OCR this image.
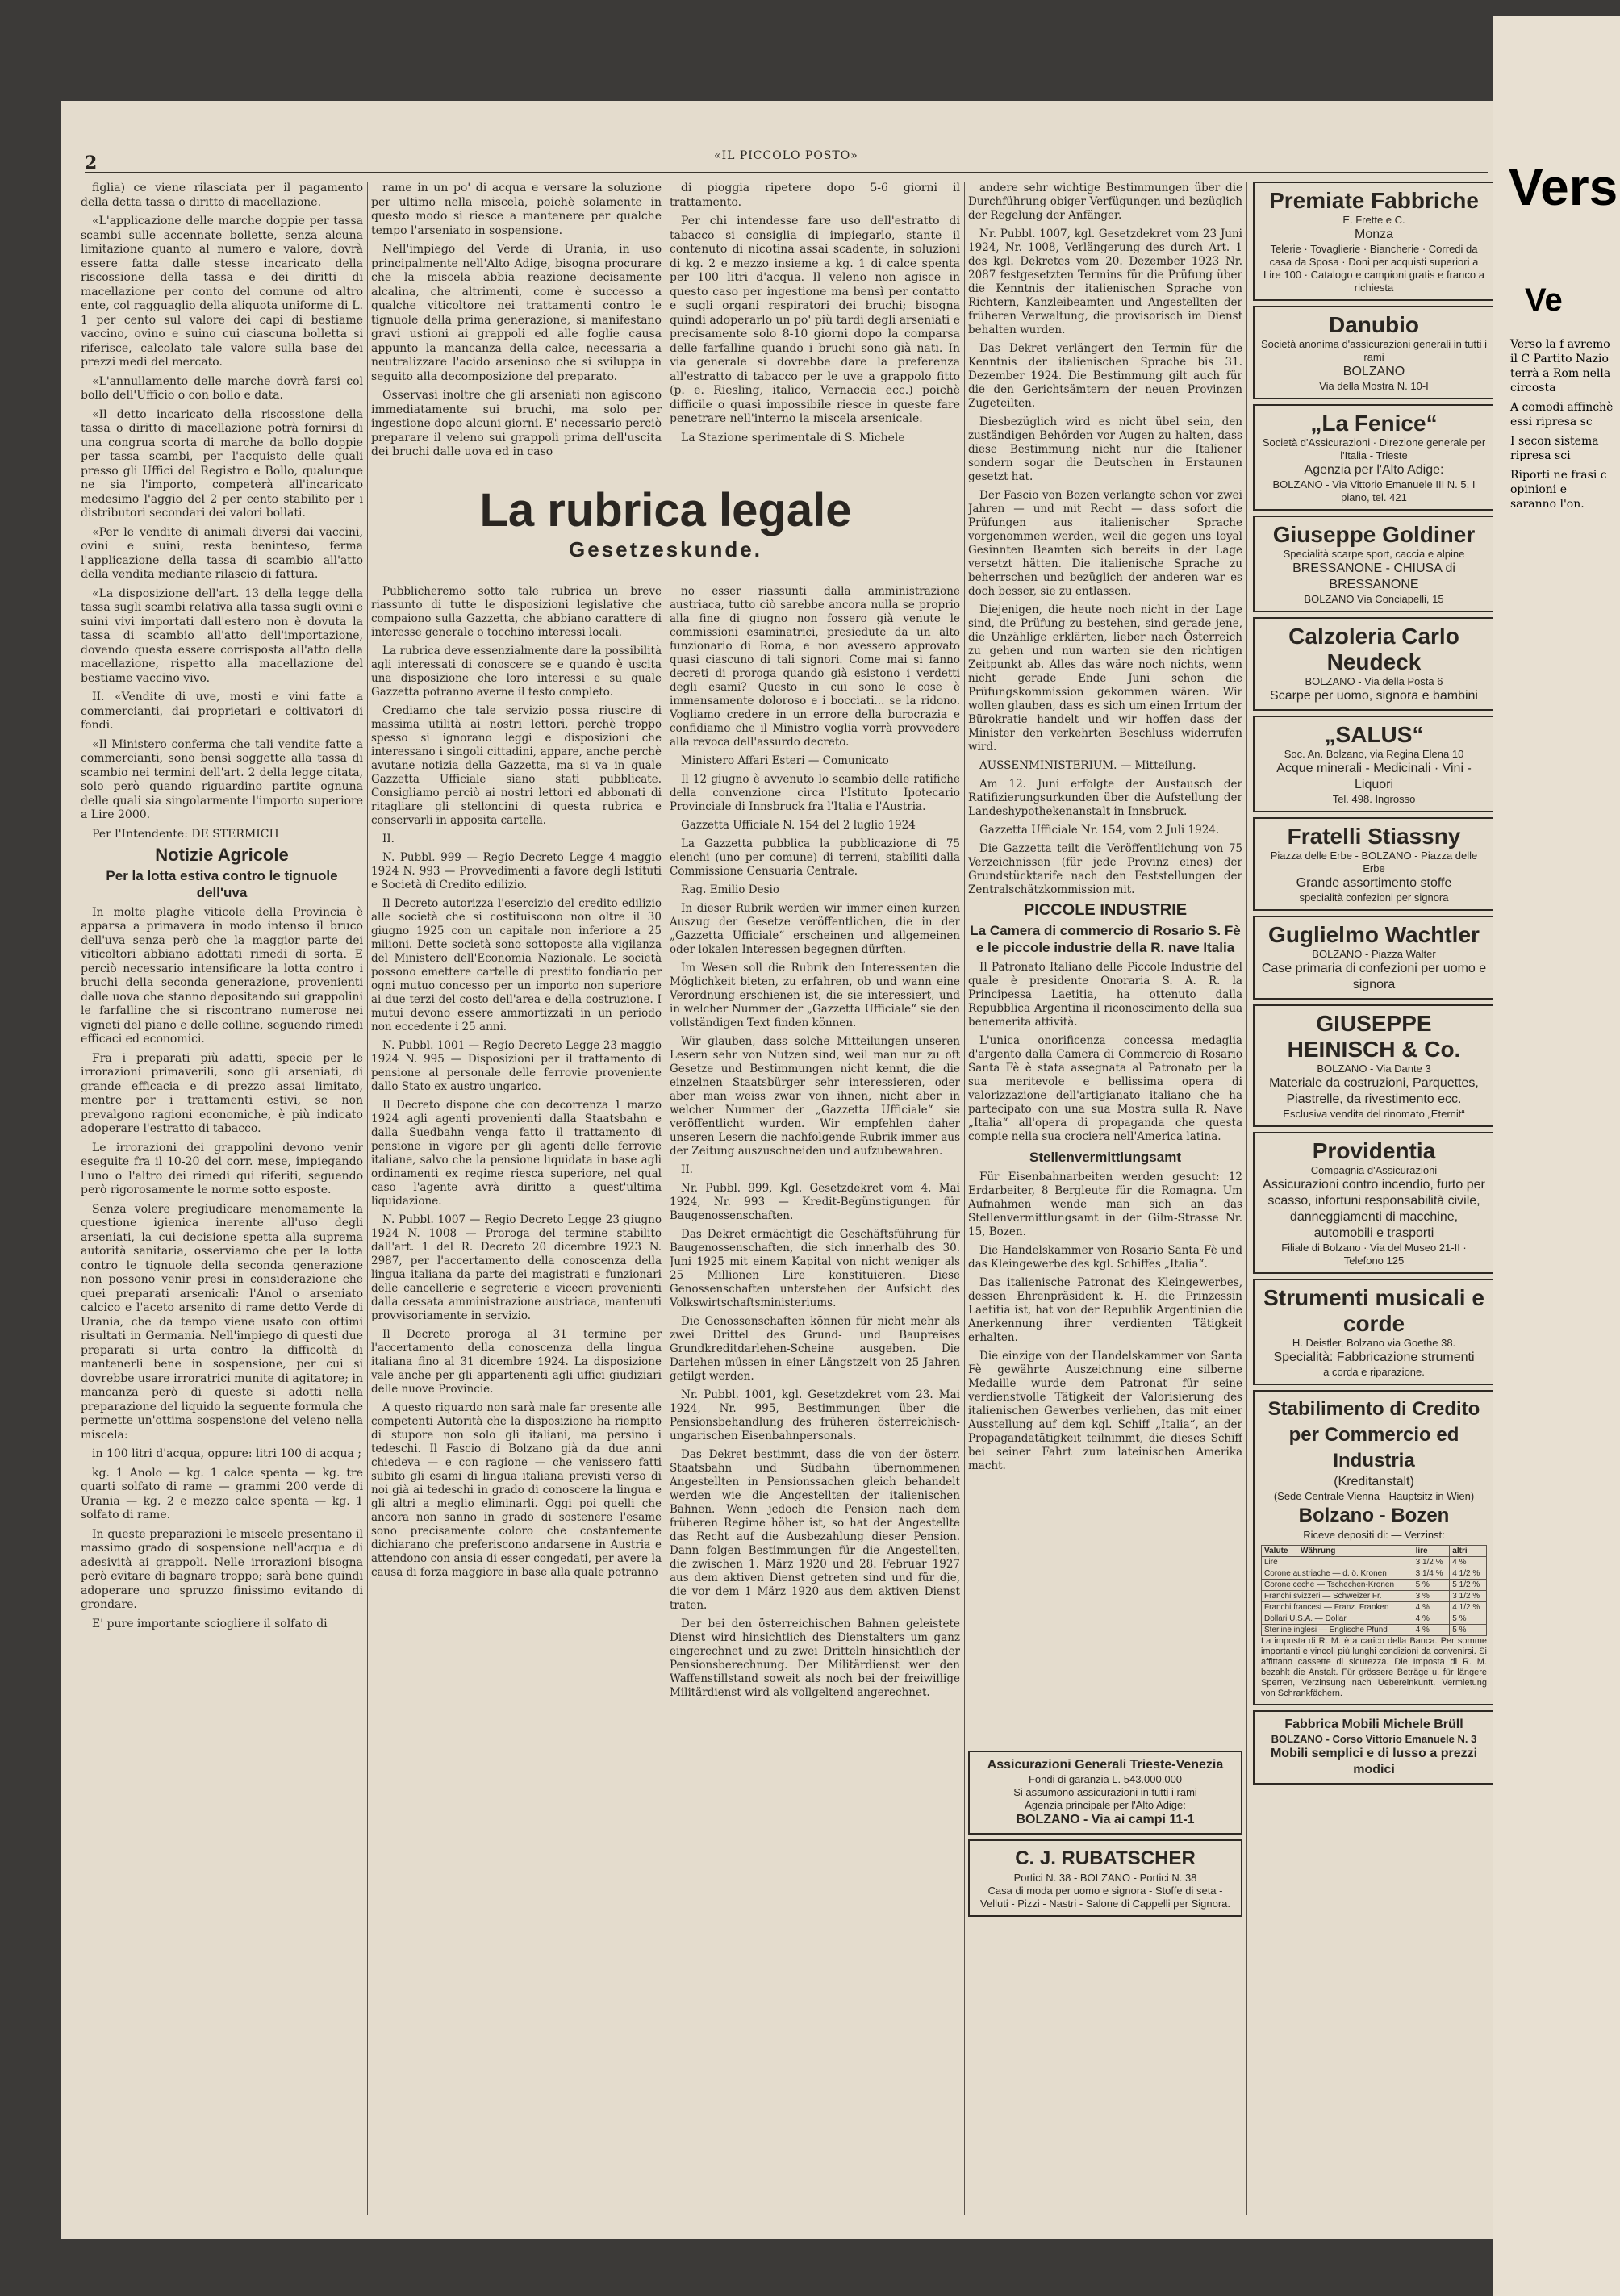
2	«IL PICCOLO POSTO»

figlia) ce viene rilasciata per il pagamento della detta tassa o diritto di macellazione.

«L'applicazione delle marche doppie per tassa scambi sulle accennate bollette, senza alcuna limitazione quanto al numero e valore, dovrà essere fatta dalle stesse incaricato della riscossione della tassa e dei diritti di macellazione per conto del comune od altro ente, col ragguaglio della aliquota uniforme di L. 1 per cento sul valore dei capi di bestiame vaccino, ovino e suino cui ciascuna bolletta si riferisce, calcolato tale valore sulla base dei prezzi medi del mercato.

«L'annullamento delle marche dovrà farsi col bollo dell'Ufficio o con bollo e data.

«Il detto incaricato della riscossione della tassa o diritto di macellazione potrà fornirsi di una congrua scorta di marche da bollo doppie per tassa scambi, per l'acquisto delle quali presso gli Uffici del Registro e Bollo, qualunque ne sia l'importo, competerà all'incaricato medesimo l'aggio del 2 per cento stabilito per i distributori secondari dei valori bollati.

«Per le vendite di animali diversi dai vaccini, ovini e suini, resta beninteso, ferma l'applicazione della tassa di scambio all'atto della vendita mediante rilascio di fattura.

«La disposizione dell'art. 13 della legge della tassa sugli scambi relativa alla tassa sugli ovini e suini vivi importati dall'estero non è dovuta la tassa di scambio all'atto dell'importazione, dovendo questa essere corrisposta all'atto della macellazione, rispetto alla macellazione del bestiame vaccino vivo.

II. «Vendite di uve, mosti e vini fatte a commercianti, dai proprietari e coltivatori di fondi.

«Il Ministero conferma che tali vendite fatte a commercianti, sono bensì soggette alla tassa di scambio nei termini dell'art. 2 della legge citata, solo però quando riguardino partite ognuna delle quali sia singolarmente l'importo superiore a Lire 2000.

Per l'Intendente: DE STERMICH

Notizie Agricole
Per la lotta estiva contro le tignuole dell'uva

In molte plaghe viticole della Provincia è apparsa a primavera in modo intenso il bruco dell'uva senza però che la maggior parte dei viticoltori abbiano adottati rimedi di sorta. E perciò necessario intensificare la lotta contro i bruchi della seconda generazione, provenienti dalle uova che stanno depositando sui grappolini le farfalline che si riscontrano numerose nei vigneti del piano e delle colline, seguendo rimedi efficaci ed economici.

Fra i preparati più adatti, specie per le irrorazioni primaverili, sono gli arseniati, di grande efficacia e di prezzo assai limitato, mentre per i trattamenti estivi, se non prevalgono ragioni economiche, è più indicato adoperare l'estratto di tabacco.

Le irrorazioni dei grappolini devono venir eseguite fra il 10-20 del corr. mese, impiegando l'uno o l'altro dei rimedi qui riferiti, seguendo però rigorosamente le norme sotto esposte.

Senza volere pregiudicare menomamente la questione igienica inerente all'uso degli arseniati, la cui decisione spetta alla suprema autorità sanitaria, osserviamo che per la lotta contro le tignuole della seconda generazione non possono venir presi in considerazione che quei preparati arsenicali: l'Anol o arseniato calcico e l'aceto arsenito di rame detto Verde di Urania, che da tempo viene usato con ottimi risultati in Germania. Nell'impiego di questi due preparati si urta contro la difficoltà di mantenerli bene in sospensione, per cui si dovrebbe usare irroratrici munite di agitatore; in mancanza però di queste si adotti nella preparazione del liquido la seguente formula che permette un'ottima sospensione del veleno nella miscela:

in 100 litri d'acqua, oppure: litri 100 di acqua ;

kg. 1 Anolo — kg. 1 calce spenta — kg. tre quarti solfato di rame — grammi 200 verde di Urania — kg. 2 e mezzo calce spenta — kg. 1 solfato di rame.

In queste preparazioni le miscele presentano il massimo grado di sospensione nell'acqua e di adesività ai grappoli. Nelle irrorazioni bisogna però evitare di bagnare troppo; sarà bene quindi adoperare uno spruzzo finissimo evitando di grondare.

E' pure importante sciogliere il solfato di

rame in un po' di acqua e versare la soluzione per ultimo nella miscela, poichè solamente in questo modo si riesce a mantenere per qualche tempo l'arseniato in sospensione.

Nell'impiego del Verde di Urania, in uso principalmente nell'Alto Adige, bisogna procurare che la miscela abbia reazione decisamente alcalina, che altrimenti, come è successo a qualche viticoltore nei trattamenti contro le tignuole della prima generazione, si manifestano gravi ustioni ai grappoli ed alle foglie causa appunto la mancanza della calce, necessaria a neutralizzare l'acido arsenioso che si sviluppa in seguito alla decomposizione del preparato.

Osservasi inoltre che gli arseniati non agiscono immediatamente sui bruchi, ma solo per ingestione dopo alcuni giorni. E' necessario perciò preparare il veleno sui grappoli prima dell'uscita dei bruchi dalle uova ed in caso

di pioggia ripetere dopo 5-6 giorni il trattamento.

Per chi intendesse fare uso dell'estratto di tabacco si consiglia di impiegarlo, stante il contenuto di nicotina assai scadente, in soluzioni di kg. 2 e mezzo insieme a kg. 1 di calce spenta per 100 litri d'acqua. Il veleno non agisce in questo caso per ingestione ma bensì per contatto e sugli organi respiratori dei bruchi; bisogna quindi adoperarlo un po' più tardi degli arseniati e precisamente solo 8-10 giorni dopo la comparsa delle farfalline quando i bruchi sono già nati. In via generale si dovrebbe dare la preferenza all'estratto di tabacco per le uve a grappolo fitto (p. e. Riesling, italico, Vernaccia ecc.) poichè difficile o quasi impossibile riesce in queste fare penetrare nell'interno la miscela arsenicale.

La Stazione sperimentale di S. Michele

La rubrica legale
Gesetzeskunde.

Pubblicheremo sotto tale rubrica un breve riassunto di tutte le disposizioni legislative che compaiono sulla Gazzetta, che abbiano carattere di interesse generale o tocchino interessi locali.

La rubrica deve essenzialmente dare la possibilità agli interessati di conoscere se e quando è uscita una disposizione che loro interessi e su quale Gazzetta potranno averne il testo completo.

Crediamo che tale servizio possa riuscire di massima utilità ai nostri lettori, perchè troppo spesso si ignorano leggi e disposizioni che interessano i singoli cittadini, appare, anche perchè avutane notizia della Gazzetta, ma si va in quale Gazzetta Ufficiale siano stati pubblicate. Consigliamo perciò ai nostri lettori ed abbonati di ritagliare gli stelloncini di questa rubrica e conservarli in apposita cartella.

II.

N. Pubbl. 999 — Regio Decreto Legge 4 maggio 1924 N. 993 — Provvedimenti a favore degli Istituti e Società di Credito edilizio.

Il Decreto autorizza l'esercizio del credito edilizio alle società che si costituiscono non oltre il 30 giugno 1925 con un capitale non inferiore a 25 milioni. Dette società sono sottoposte alla vigilanza del Ministero dell'Economia Nazionale. Le società possono emettere cartelle di prestito fondiario per ogni mutuo concesso per un importo non superiore ai due terzi del costo dell'area e della costruzione. I mutui devono essere ammortizzati in un periodo non eccedente i 25 anni.

N. Pubbl. 1001 — Regio Decreto Legge 23 maggio 1924 N. 995 — Disposizioni per il trattamento di pensione al personale delle ferrovie proveniente dallo Stato ex austro ungarico.

Il Decreto dispone che con decorrenza 1 marzo 1924 agli agenti provenienti dalla Staatsbahn e dalla Suedbahn venga fatto il trattamento di pensione in vigore per gli agenti delle ferrovie italiane, salvo che la pensione liquidata in base agli ordinamenti ex regime riesca superiore, nel qual caso l'agente avrà diritto a quest'ultima liquidazione.

N. Pubbl. 1007 — Regio Decreto Legge 23 giugno 1924 N. 1008 — Proroga del termine stabilito dall'art. 1 del R. Decreto 20 dicembre 1923 N. 2987, per l'accertamento della conoscenza della lingua italiana da parte dei magistrati e funzionari delle cancellerie e segreterie e vicecri provenienti dalla cessata amministrazione austriaca, mantenuti provvisoriamente in servizio.

Il Decreto proroga al 31 termine per l'accertamento della conoscenza della lingua italiana fino al 31 dicembre 1924. La disposizione vale anche per gli appartenenti agli uffici giudiziari delle nuove Provincie.

A questo riguardo non sarà male far presente alle competenti Autorità che la disposizione ha riempito di stupore non solo gli italiani, ma persino i tedeschi. Il Fascio di Bolzano già da due anni chiedeva — e con ragione — che venissero fatti subito gli esami di lingua italiana previsti verso di noi già ai tedeschi in grado di conoscere la lingua e gli altri a meglio eliminarli. Oggi poi quelli che ancora non sanno in grado di sostenere l'esame sono precisamente coloro che costantemente dichiarano che preferiscono andarsene in Austria e attendono con ansia di esser congedati, per avere la causa di forza maggiore in base alla quale potranno

no esser riassunti dalla amministrazione austriaca, tutto ciò sarebbe ancora nulla se proprio alla fine di giugno non fossero già venute le commissioni esaminatrici, presiedute da un alto funzionario di Roma, e non avessero approvato quasi ciascuno di tali signori. Come mai si fanno decreti di proroga quando già esistono i verdetti degli esami? Questo in cui sono le cose è immensamente doloroso e i bocciati... se la ridono. Vogliamo credere in un errore della burocrazia e confidiamo che il Ministro voglia vorrà provvedere alla revoca dell'assurdo decreto.

Ministero Affari Esteri — Comunicato

Il 12 giugno è avvenuto lo scambio delle ratifiche della convenzione circa l'Istituto Ipotecario Provinciale di Innsbruck fra l'Italia e l'Austria.

Gazzetta Ufficiale N. 154 del 2 luglio 1924

La Gazzetta pubblica la pubblicazione di 75 elenchi (uno per comune) di terreni, stabiliti dalla Commissione Censuaria Centrale.

Rag. Emilio Desio

In dieser Rubrik werden wir immer einen kurzen Auszug der Gesetze veröffentlichen, die in der „Gazzetta Ufficiale“ erscheinen und allgemeinen oder lokalen Interessen begegnen dürften.

Im Wesen soll die Rubrik den Interessenten die Möglichkeit bieten, zu erfahren, ob und wann eine Verordnung erschienen ist, die sie interessiert, und in welcher Nummer der „Gazzetta Ufficiale“ sie den vollständigen Text finden können.

Wir glauben, dass solche Mitteilungen unseren Lesern sehr von Nutzen sind, weil man nur zu oft Gesetze und Bestimmungen nicht kennt, die die einzelnen Staatsbürger sehr interessieren, oder aber man weiss zwar von ihnen, nicht aber in welcher Nummer der „Gazzetta Ufficiale“ sie veröffentlicht wurden. Wir empfehlen daher unseren Lesern die nachfolgende Rubrik immer aus der Zeitung auszuschneiden und aufzubewahren.

II.

Nr. Pubbl. 999, Kgl. Gesetzdekret vom 4. Mai 1924, Nr. 993 — Kredit-Begünstigungen für Baugenossenschaften.

Das Dekret ermächtigt die Geschäftsführung für Baugenossenschaften, die sich innerhalb des 30. Juni 1925 mit einem Kapital von nicht weniger als 25 Millionen Lire konstituieren. Diese Genossenschaften unterstehen der Aufsicht des Volkswirtschaftsministeriums.

Die Genossenschaften können für nicht mehr als zwei Drittel des Grund- und Baupreises Grundkreditdarlehen-Scheine ausgeben. Die Darlehen müssen in einer Längstzeit von 25 Jahren getilgt werden.

Nr. Pubbl. 1001, kgl. Gesetzdekret vom 23. Mai 1924, Nr. 995, Bestimmungen über die Pensionsbehandlung des früheren österreichisch-ungarischen Eisenbahnpersonals.

Das Dekret bestimmt, dass die von der österr. Staatsbahn und Südbahn übernommenen Angestellten in Pensionssachen gleich behandelt werden wie die Angestellten der italienischen Bahnen. Wenn jedoch die Pension nach dem früheren Regime höher ist, so hat der Angestellte das Recht auf die Ausbezahlung dieser Pension. Dann folgen Bestimmungen für die Angestellten, die zwischen 1. März 1920 und 28. Februar 1927 aus dem aktiven Dienst getreten sind und für die, die vor dem 1 März 1920 aus dem aktiven Dienst traten.

Der bei den österreichischen Bahnen geleistete Dienst wird hinsichtlich des Dienstalters um ganz eingerechnet und zu zwei Dritteln hinsichtlich der Pensionsberechnung. Der Militärdienst wer den Waffenstillstand soweit als noch bei der freiwillige Militärdienst wird als vollgeltend angerechnet.

andere sehr wichtige Bestimmungen über die Durchführung obiger Verfügungen und bezüglich der Regelung der Anfänger.

Nr. Pubbl. 1007, kgl. Gesetzdekret vom 23 Juni 1924, Nr. 1008, Verlängerung des durch Art. 1 des kgl. Dekretes vom 20. Dezember 1923 Nr. 2087 festgesetzten Termins für die Prüfung über die Kenntnis der italienischen Sprache von Richtern, Kanzleibeamten und Angestellten der früheren Verwaltung, die provisorisch im Dienst behalten wurden.

Das Dekret verlängert den Termin für die Kenntnis der italienischen Sprache bis 31. Dezember 1924. Die Bestimmung gilt auch für die den Gerichtsämtern der neuen Provinzen Zugeteilten.

Diesbezüglich wird es nicht übel sein, den zuständigen Behörden vor Augen zu halten, dass diese Bestimmung nicht nur die Italiener sondern sogar die Deutschen in Erstaunen gesetzt hat.

Der Fascio von Bozen verlangte schon vor zwei Jahren — und mit Recht — dass sofort die Prüfungen aus italienischer Sprache vorgenommen werden, weil die gegen uns loyal Gesinnten Beamten sich bereits in der Lage versetzt hätten. Die italienische Sprache zu beherrschen und bezüglich der anderen war es doch besser, sie zu entlassen.

Diejenigen, die heute noch nicht in der Lage sind, die Prüfung zu bestehen, sind gerade jene, die Unzählige erklärten, lieber nach Österreich zu gehen und nun warten sie den richtigen Zeitpunkt ab. Alles das wäre noch nichts, wenn nicht gerade Ende Juni schon die Prüfungskommission gekommen wären. Wir wollen glauben, dass es sich um einen Irrtum der Bürokratie handelt und wir hoffen dass der Minister den verkehrten Beschluss widerrufen wird.

AUSSENMINISTERIUM. — Mitteilung.

Am 12. Juni erfolgte der Austausch der Ratifizierungsurkunden über die Aufstellung der Landeshypothekenanstalt in Innsbruck.

Gazzetta Ufficiale Nr. 154, vom 2 Juli 1924.

Die Gazzetta teilt die Veröffentlichung von 75 Verzeichnissen (für jede Provinz eines) der Grundstücktarife nach den Feststellungen der Zentralschätzkommission mit.

PICCOLE INDUSTRIE
La Camera di commercio di Rosario S. Fè e le piccole industrie della R. nave Italia

Il Patronato Italiano delle Piccole Industrie del quale è presidente Onoraria S. A. R. la Principessa Laetitia, ha ottenuto dalla Repubblica Argentina il riconoscimento della sua benemerita attività.

L'unica onorificenza concessa medaglia d'argento dalla Camera di Commercio di Rosario Santa Fè è stata assegnata al Patronato per la sua meritevole e bellissima opera di valorizzazione dell'artigianato italiano che ha partecipato con una sua Mostra sulla R. Nave „Italia“ all'opera di propaganda che questa compie nella sua crociera nell'America latina.

Stellenvermittlungsamt

Für Eisenbahnarbeiten werden gesucht: 12 Erdarbeiter, 8 Bergleute für die Romagna. Um Aufnahmen wende man sich an das Stellenvermittlungsamt in der Gilm-Strasse Nr. 15, Bozen.

Die Handelskammer von Rosario Santa Fè und das Kleingewerbe des kgl. Schiffes „Italia“.

Das italienische Patronat des Kleingewerbes, dessen Ehrenpräsident k. H. die Prinzessin Laetitia ist, hat von der Republik Argentinien die Anerkennung ihrer verdienten Tätigkeit erhalten.

Die einzige von der Handelskammer von Santa Fè gewährte Auszeichnung eine silberne Medaille wurde dem Patronat für seine verdienstvolle Tätigkeit der Valorisierung des italienischen Gewerbes verliehen, das mit einer Ausstellung auf dem kgl. Schiff „Italia“, an der Propagandatätigkeit teilnimmt, die dieses Schiff bei seiner Fahrt zum lateinischen Amerika macht.

Assicurazioni Generali Trieste-Venezia
Fondi di garanzia L. 543.000.000
Si assumono assicurazioni in tutti i rami
Agenzia principale per l'Alto Adige:
BOLZANO - Via ai campi 11-1
C. J. RUBATSCHER
Portici N. 38 - BOLZANO - Portici N. 38
Casa di moda per uomo e signora - Stoffe di seta - Velluti - Pizzi - Nastri - Salone di Cappelli per Signora.
Premiate Fabbriche
E. Frette e C.
Monza
Telerie · Tovaglierie · Biancherie · Corredi da casa da Sposa · Doni per acquisti superiori a Lire 100 · Catalogo e campioni gratis e franco a richiesta
Danubio
Società anonima d'assicurazioni generali in tutti i rami
BOLZANO
Via della Mostra N. 10-I
„La Fenice“
Società d'Assicurazioni · Direzione generale per l'Italia - Trieste
Agenzia per l'Alto Adige:
BOLZANO - Via Vittorio Emanuele III N. 5, I piano, tel. 421
Giuseppe Goldiner
Specialità scarpe sport, caccia e alpine
BRESSANONE - CHIUSA di BRESSANONE
BOLZANO Via Conciapelli, 15
Calzoleria Carlo Neudeck
BOLZANO - Via della Posta 6
Scarpe per uomo, signora e bambini
„SALUS“
Soc. An. Bolzano, via Regina Elena 10
Acque minerali - Medicinali · Vini - Liquori
Tel. 498. Ingrosso
Fratelli Stiassny
Piazza delle Erbe - BOLZANO - Piazza delle Erbe
Grande assortimento stoffe
specialità confezioni per signora
Guglielmo Wachtler
BOLZANO - Piazza Walter
Case primaria di confezioni per uomo e signora
GIUSEPPE HEINISCH & Co.
BOLZANO - Via Dante 3
Materiale da costruzioni, Parquettes, Piastrelle, da rivestimento ecc.
Esclusiva vendita del rinomato „Eternit“
Providentia
Compagnia d'Assicurazioni
Assicurazioni contro incendio, furto per scasso, infortuni responsabilità civile, danneggiamenti di macchine, automobili e trasporti
Filiale di Bolzano · Via del Museo 21-II · Telefono 125
Strumenti musicali e corde
H. Deistler, Bolzano via Goethe 38.
Specialità: Fabbricazione strumenti
a corda e riparazione.
Stabilimento di Credito
per Commercio ed Industria
(Kreditanstalt)
(Sede Centrale Vienna - Hauptsitz in Wien)
Bolzano - Bozen
Riceve depositi di: — Verzinst:
Valute — Währung	lire	altri
Lire	3 1/2 %	4 %
Corone austriache — d. ö. Kronen	3 1/4 %	4 1/2 %
Corone ceche — Tschechen-Kronen	5 %	5 1/2 %
Franchi svizzeri — Schweizer Fr.	3 %	3 1/2 %
Franchi francesi — Franz. Franken	4 %	4 1/2 %
Dollari U.S.A. — Dollar	4 %	5 %
Sterline inglesi — Englische Pfund	4 %	5 %
La imposta di R. M. è a carico della Banca. Per somme importanti e vincoli più lunghi condizioni da convenirsi. Si affittano cassette di sicurezza. Die Imposta di R. M. bezahlt die Anstalt. Für grössere Beträge u. für längere Sperren, Verzinsung nach Uebereinkunft. Vermietung von Schrankfächern.
Fabbrica Mobili Michele Brüll
BOLZANO - Corso Vittorio Emanuele N. 3
Mobili semplici e di lusso a prezzi modici
Vers
Ve

Verso la f avremo il C Partito Nazio terrà a Rom nella circosta

A comodi affinchè essi ripresa sc

I secon sistema ripresa sci

Riporti ne frasi c opinioni e saranno l'on.
